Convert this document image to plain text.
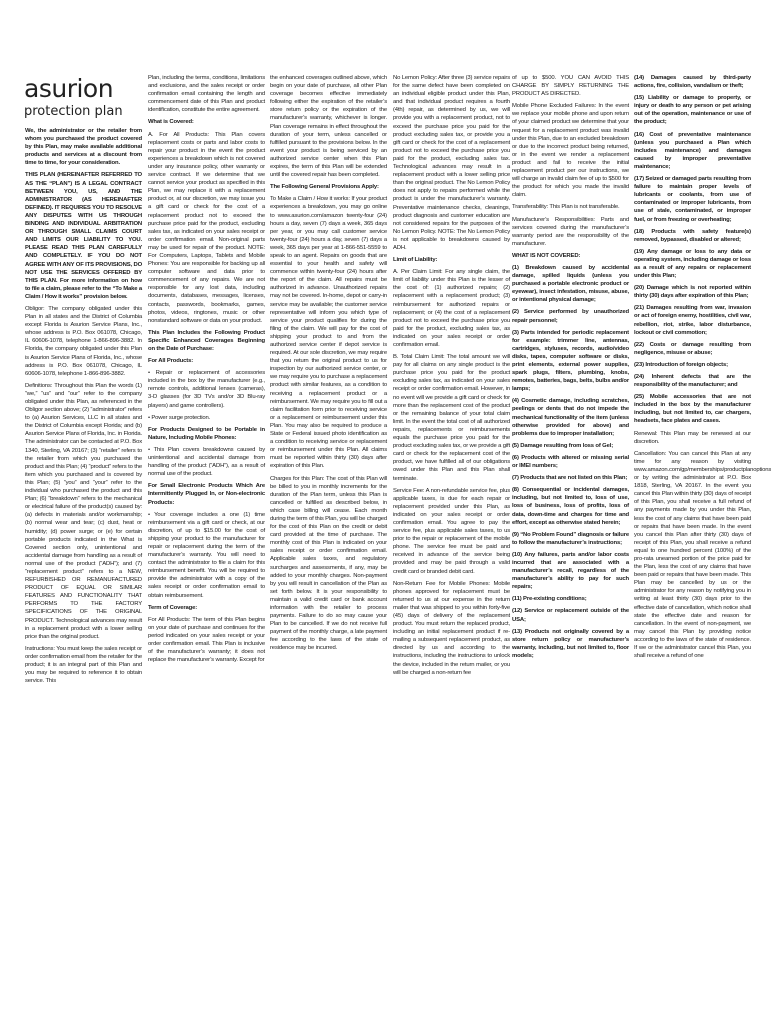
asurion
protection plan

We, the administrator or the retailer from whom you purchased the product covered by this Plan, may make available additional products and services at a discount from time to time, for your consideration.

THIS PLAN (HEREINAFTER REFERRED TO AS THE “PLAN”) IS A LEGAL CONTRACT BETWEEN YOU, US, AND THE ADMINISTRATOR (AS HEREINAFTER DEFINED). IT REQUIRES YOU TO RESOLVE ANY DISPUTES WITH US THROUGH BINDING AND INDIVIDUAL ARBITRATION OR THROUGH SMALL CLAIMS COURT AND LIMITS OUR LIABILITY TO YOU. PLEASE READ THIS PLAN CAREFULLY AND COMPLETELY. IF YOU DO NOT AGREE WITH ANY OF ITS PROVISIONS, DO NOT USE THE SERVICES OFFERED BY THIS PLAN. For more information on how to file a claim, please refer to the “To Make a Claim / How it works” provision below.

Obligor: The company obligated under this Plan in all states and the District of Columbia except Florida is Asurion Service Plans, Inc., whose address is P.O. Box 061078, Chicago, IL 60606-1078, telephone 1-866-896-3882. In Florida, the company obligated under this Plan is Asurion Service Plans of Florida, Inc., whose address is P.O. Box 061078, Chicago, IL 60606-1078, telephone 1-866-896-3882.

Definitions: Throughout this Plan the words (1) “we,” “us” and “our” refer to the company obligated under this Plan, as referenced in the Obligor section above; (2) “administrator” refers to (a) Asurion Services, LLC in all states and the District of Columbia except Florida; and (b) Asurion Service Plans of Florida, Inc. in Florida. The administrator can be contacted at P.O. Box 1340, Sterling, VA 20167; (3) “retailer” refers to the retailer from which you purchased the product and this Plan; (4) “product” refers to the item which you purchased and is covered by this Plan; (5) “you” and “your” refer to the individual who purchased the product and this Plan; (6) “breakdown” refers to the mechanical or electrical failure of the product(s) caused by: (a) defects in materials and/or workmanship; (b) normal wear and tear; (c) dust, heat or humidity; (d) power surge; or (e) for certain portable products indicated in the What is Covered section only, unintentional and accidental damage from handling as a result of normal use of the product (“ADH”); and (7) “replacement product” refers to a NEW, REFURBISHED OR REMANUFACTURED PRODUCT OF EQUAL OR SIMILAR FEATURES AND FUNCTIONALITY THAT PERFORMS TO THE FACTORY SPECIFICATIONS OF THE ORIGINAL PRODUCT. Technological advances may result in a replacement product with a lower selling price than the original product.

Instructions: You must keep the sales receipt or order confirmation email from the retailer for the product; it is an integral part of this Plan and you may be required to reference it to obtain service. This

Plan, including the terms, conditions, limitations and exclusions, and the sales receipt or order confirmation email containing the length and commencement date of this Plan and product identification, constitute the entire agreement.

What is Covered:

A. For All Products: This Plan covers replacement costs or parts and labor costs to repair your product in the event the product experiences a breakdown which is not covered under any insurance policy, other warranty or service contract. If we determine that we cannot service your product as specified in this Plan, we may replace it with a replacement product or, at our discretion, we may issue you a gift card or check for the cost of a replacement product not to exceed the purchase price paid for the product, excluding sales tax, as indicated on your sales receipt or order confirmation email. Non-original parts may be used for repair of the product. NOTE: For Computers, Laptops, Tablets and Mobile Phones: You are responsible for backing up all computer software and data prior to commencement of any repairs. We are not responsible for any lost data, including documents, databases, messages, licenses, contacts, passwords, bookmarks, games, photos, videos, ringtones, music or other nonstandard software or data on your product.

This Plan Includes the Following Product Specific Enhanced Coverages Beginning on the Date of Purchase:

For All Products:

• Repair or replacement of accessories included in the box by the manufacturer (e.g., remote controls, additional lenses (cameras), 3-D glasses (for 3D TVs and/or 3D Blu-ray players) and game controllers).

• Power surge protection.

For Products Designed to be Portable in Nature, Including Mobile Phones:

• This Plan covers breakdowns caused by unintentional and accidental damage from handling of the product (“ADH”), as a result of normal use of the product.

For Small Electronic Products Which Are Intermittently Plugged In, or Non-electronic Products:

• Your coverage includes a one (1) time reimbursement via a gift card or check, at our discretion, of up to $15.00 for the cost of shipping your product to the manufacturer for repair or replacement during the term of the manufacturer’s warranty. You will need to contact the administrator to file a claim for this reimbursement benefit. You will be required to provide the administrator with a copy of the sales receipt or order confirmation email to obtain reimbursement.

Term of Coverage:

For All Products: The term of this Plan begins on your date of purchase and continues for the period indicated on your sales receipt or your order confirmation email. This Plan is inclusive of the manufacturer’s warranty; it does not replace the manufacturer’s warranty. Except for

the enhanced coverages outlined above, which begin on your date of purchase, all other Plan coverage becomes effective immediately following either the expiration of the retailer’s store return policy or the expiration of the manufacturer’s warranty, whichever is longer. Plan coverage remains in effect throughout the duration of your term, unless cancelled or fulfilled pursuant to the provisions below. In the event your product is being serviced by an authorized service center when this Plan expires, the term of this Plan will be extended until the covered repair has been completed.

The Following General Provisions Apply:

To Make a Claim / How it works: If your product experiences a breakdown, you may go online to www.asurion.com/amazon twenty-four (24) hours a day, seven (7) days a week, 365 days per year, or you may call customer service twenty-four (24) hours a day, seven (7) days a week, 365 days per year at 1-866-551-5559 to speak to an agent. Repairs on goods that are essential to your health and safety will commence within twenty-four (24) hours after the report of the claim. All repairs must be authorized in advance. Unauthorized repairs may not be covered. In-home, depot or carry-in service may be available; the customer service representative will inform you which type of service your product qualifies for during the filing of the claim. We will pay for the cost of shipping your product to and from the authorized service center if depot service is required. At our sole discretion, we may require that you return the original product to us for inspection by our authorized service center, or we may require you to purchase a replacement product with similar features, as a condition to receiving a replacement product or a reimbursement. We may require you to fill out a claim facilitation form prior to receiving service or a replacement or reimbursement under this Plan. You may also be required to produce a State or Federal issued photo identification as a condition to receiving service or replacement or reimbursement under this Plan. All claims must be reported within thirty (30) days after expiration of this Plan.

Charges for this Plan: The cost of this Plan will be billed to you in monthly increments for the duration of the Plan term, unless this Plan is cancelled or fulfilled as described below, in which case billing will cease. Each month during the term of this Plan, you will be charged for the cost of this Plan on the credit or debit card provided at the time of purchase. The monthly cost of this Plan is indicated on your sales receipt or order confirmation email. Applicable sales taxes, and regulatory surcharges and assessments, if any, may be added to your monthly charges. Non-payment by you will result in cancellation of the Plan as set forth below. It is your responsibility to maintain a valid credit card or bank account information with the retailer to process payments. Failure to do so may cause your Plan to be cancelled. If we do not receive full payment of the monthly charge, a late payment fee according to the laws of the state of residence may be incurred.

No Lemon Policy: After three (3) service repairs for the same defect have been completed on an individual eligible product under this Plan, and that individual product requires a fourth (4th) repair, as determined by us, we will provide you with a replacement product, not to exceed the purchase price you paid for the product excluding sales tax, or provide you a gift card or check for the cost of a replacement product not to exceed the purchase price you paid for the product, excluding sales tax. Technological advances may result in a replacement product with a lower selling price than the original product. The No Lemon Policy does not apply to repairs performed while the product is under the manufacturer’s warranty. Preventative maintenance checks, cleanings, product diagnosis and customer education are not considered repairs for the purposes of the No Lemon Policy. NOTE: The No Lemon Policy is not applicable to breakdowns caused by ADH.

Limit of Liability:

A. Per Claim Limit: For any single claim, the limit of liability under this Plan is the lesser of the cost of: (1) authorized repairs; (2) replacement with a replacement product; (3) reimbursement for authorized repairs or replacement; or (4) the cost of a replacement product not to exceed the purchase price you paid for the product, excluding sales tax, as indicated on your sales receipt or order confirmation email.

B. Total Claim Limit: The total amount we will pay for all claims on any single product is the purchase price you paid for the product excluding sales tax, as indicated on your sales receipt or order confirmation email. However, in no event will we provide a gift card or check for more than the replacement cost of the product or the remaining balance of your total claim limit. In the event the total cost of all authorized repairs, replacements or reimbursements equals the purchase price you paid for the product excluding sales tax, or we provide a gift card or check for the replacement cost of the product, we have fulfilled all of our obligations owed under this Plan and this Plan shall terminate.

Service Fee: A non-refundable service fee, plus applicable taxes, is due for each repair or replacement provided under this Plan, as indicated on your sales receipt or order confirmation email. You agree to pay the service fee, plus applicable sales taxes, to us prior to the repair or replacement of the mobile phone. The service fee must be paid and received in advance of the service being provided and may be paid through a valid credit card or branded debit card.

Non-Return Fee for Mobile Phones: Mobile phones approved for replacement must be returned to us at our expense in the return mailer that was shipped to you within forty-five (45) days of delivery of the replacement product. You must return the replaced product, including an initial replacement product if re-mailing a subsequent replacement product, as directed by us and according to the instructions, including the instructions to unlock the device, included in the return mailer, or you will be charged a non-return fee

of up to $500. YOU CAN AVOID THIS CHARGE BY SIMPLY RETURNING THE PRODUCT AS DIRECTED.

Mobile Phone Excluded Failures: In the event we replace your mobile phone and upon return of your claimed product we determine that your request for a replacement product was invalid under this Plan, due to an excluded breakdown or due to the incorrect product being returned, or in the event we render a replacement product and fail to receive the initial replacement product per our instructions, we will charge an invalid claim fee of up to $500 for the product for which you made the invalid claim.

Transferability: This Plan is not transferable.

Manufacturer’s Responsibilities: Parts and services covered during the manufacturer’s warranty period are the responsibility of the manufacturer.

WHAT IS NOT COVERED:

(1) Breakdown caused by accidental damage, spilled liquids (unless you purchased a portable electronic product or eyewear), insect infestation, misuse, abuse, or intentional physical damage;

(2) Service performed by unauthorized repair personnel;

(3) Parts intended for periodic replacement for example: trimmer line, antennas, cartridges, styluses, records, audio/video disks, tapes, computer software or disks, print elements, external power supplies, spark plugs, filters, plumbing, knobs, remotes, batteries, bags, belts, bulbs and/or lamps;

(4) Cosmetic damage, including scratches, peelings or dents that do not impede the mechanical functionality of the item (unless otherwise provided for above) and problems due to improper installation;

(5) Damage resulting from loss of Gel;

(6) Products with altered or missing serial or IMEI numbers;

(7) Products that are not listed on this Plan;

(8) Consequential or incidental damages, including, but not limited to, loss of use, loss of business, loss of profits, loss of data, down-time and charges for time and effort, except as otherwise stated herein;

(9) “No Problem Found” diagnosis or failure to follow the manufacturer’s instructions;

(10) Any failures, parts and/or labor costs incurred that are associated with a manufacturer’s recall, regardless of the manufacturer’s ability to pay for such repairs;

(11) Pre-existing conditions;

(12) Service or replacement outside of the USA;

(13) Products not originally covered by a store return policy or manufacturer’s warranty, including, but not limited to, floor models;

(14) Damages caused by third-party actions, fire, collision, vandalism or theft;

(15) Liability or damage to property, or injury or death to any person or pet arising out of the operation, maintenance or use of the product;

(16) Cost of preventative maintenance (unless you purchased a Plan which includes maintenance) and damages caused by improper preventative maintenance;

(17) Seized or damaged parts resulting from failure to maintain proper levels of lubricants or coolants, from use of contaminated or improper lubricants, from use of stale, contaminated, or improper fuel, or from freezing or overheating;

(18) Products with safety feature(s) removed, bypassed, disabled or altered;

(19) Any damage or loss to any data or operating system, including damage or loss as a result of any repairs or replacement under this Plan;

(20) Damage which is not reported within thirty (30) days after expiration of this Plan;

(21) Damages resulting from war, invasion or act of foreign enemy, hostilities, civil war, rebellion, riot, strike, labor disturbance, lockout or civil commotion;

(22) Costs or damage resulting from negligence, misuse or abuse;

(23) Introduction of foreign objects;

(24) Inherent defects that are the responsibility of the manufacturer; and

(25) Mobile accessories that are not included in the box by the manufacturer including, but not limited to, car chargers, headsets, face plates and cases.

Renewal: This Plan may be renewed at our discretion.

Cancellation: You can cancel this Plan at any time for any reason by visiting www.amazon.com/gp/memberships/productplanoptions or by writing the administrator at P.O. Box 1818, Sterling, VA 20167. In the event you cancel this Plan within thirty (30) days of receipt of this Plan, you shall receive a full refund of any payments made by you under this Plan, less the cost of any claims that have been paid or repairs that have been made. In the event you cancel this Plan after thirty (30) days of receipt of this Plan, you shall receive a refund equal to one hundred percent (100%) of the pro-rata unearned portion of the price paid for the Plan, less the cost of any claims that have been paid or repairs that have been made. This Plan may be cancelled by us or the administrator for any reason by notifying you in writing at least thirty (30) days prior to the effective date of cancellation, which notice shall state the effective date and reason for cancellation. In the event of non-payment, we may cancel this Plan by providing notice according to the laws of the state of residence. If we or the administrator cancel this Plan, you shall receive a refund of one
